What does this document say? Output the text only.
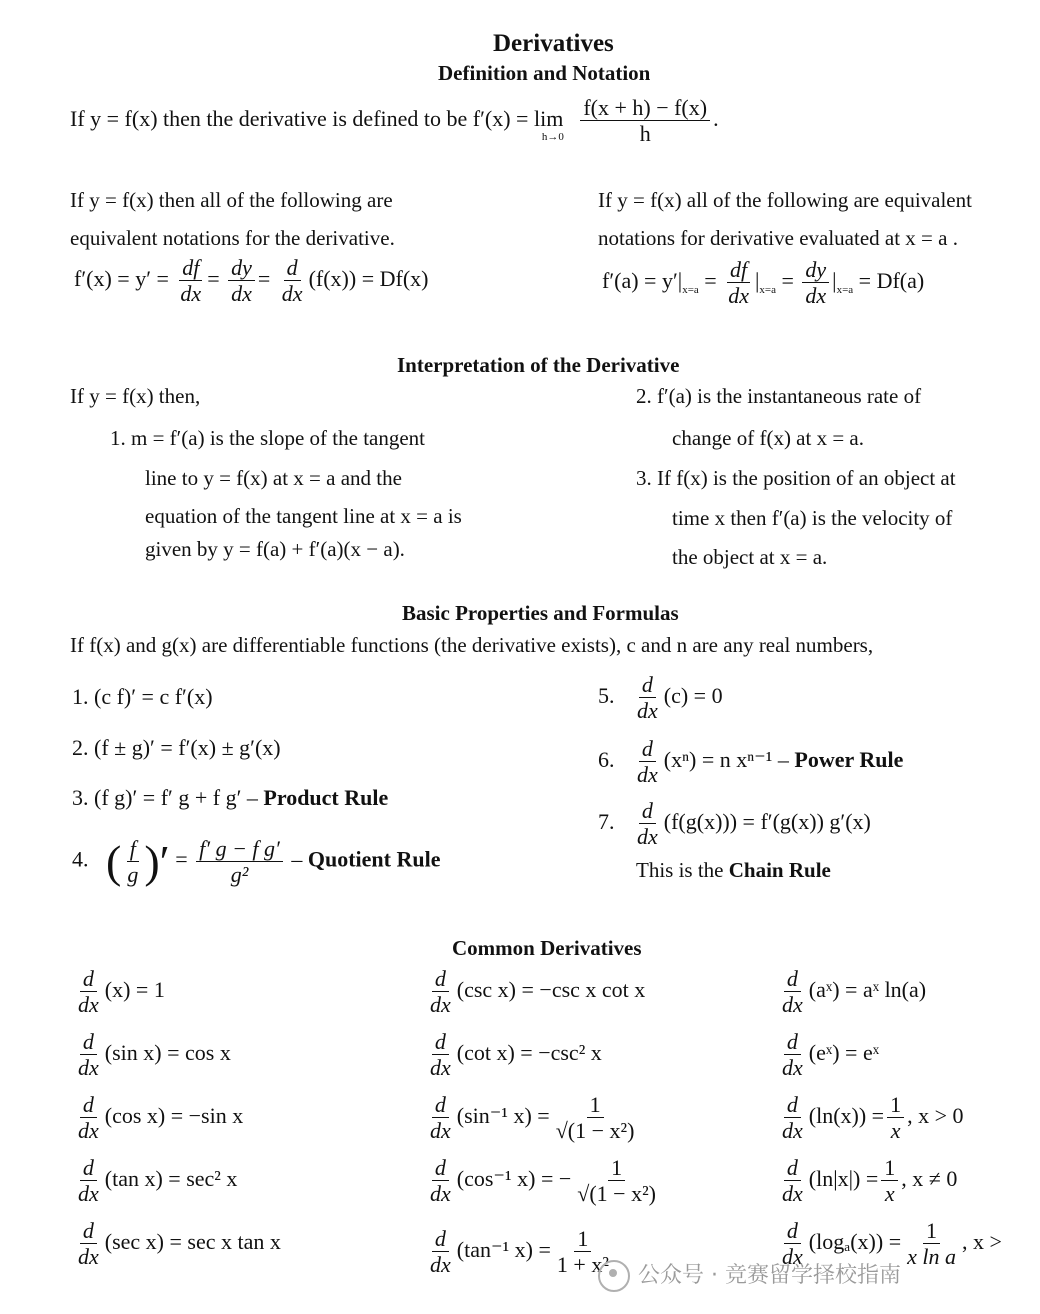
Derivatives
Definition and Notation
If y = f(x) then the derivative is defined to be f′(x) = lim
h→0
$\frac{f(x + h) - f(x)}{h}$ .
If y = f(x) then all of the following are
equivalent notations for the derivative.
$f'(x) = y' = \frac{df}{dx} = \frac{dy}{dx} = \frac{d}{dx} (f(x)) = Df(x)$
If y = f(x) all of the following are equivalent
notations for derivative evaluated at x = a .
$f'(a) = y'|_{x=a} = \frac{df}{dx} |_{x=a} = \frac{dy}{dx} |_{x=a} = Df(a)$
Interpretation of the Derivative
If y = f(x) then,
1. m = f′(a) is the slope of the tangent
line to y = f(x) at x = a and the
equation of the tangent line at x = a is
given by y = f(a) + f′(a)(x − a).
2. f′(a) is the instantaneous rate of
change of f(x) at x = a.
3. If f(x) is the position of an object at
time x then f′(a) is the velocity of
the object at x = a.
Basic Properties and Formulas
If f(x) and g(x) are differentiable functions (the derivative exists), c and n are any real numbers,
1. (c f)′ = c f′(x)
2. (f ± g)′ = f′(x) ± g′(x)
3. (f g)′ = f′ g + f g′ – Product Rule
4. ( $\frac{f}{g}$ )′ = $\frac{\text{f′ g − f g′}}{\text{g²}}$ – Quotient Rule
5. $\frac{d}{dx} (c) = 0$
6. $\frac{d}{dx} (x^n) = n$ xⁿ⁻¹ – Power Rule
7. $\frac{d}{dx} (f(g(x))) = f'(g(x))$ g′(x)
This is the Chain Rule
Common Derivatives
$\frac{d}{dx} (x) = 1$
$\frac{d}{dx} (\sin$ x) = cos x
$\frac{d}{dx} (\cos$ x) = −sin x
$\frac{d}{dx} (\tan$ x) = sec² x
$\frac{d}{dx} (\sec$ x) = sec x tan x
$\frac{d}{dx} (\csc$ x) = −csc x cot x
$\frac{d}{dx} (\cot$ x) = −csc² x
$\frac{d}{dx} (\sin^{-1}$ $x) = \frac{1}{\text{√(1 − x²)}}$
$\frac{d}{dx} (\cos^{-1}$ x) = − $\frac{1}{\text{√(1 − x²)}}$
$\frac{d}{dx} (\tan^{-1}$ $x) = \frac{1}{\text{1 + x²}}$
$\frac{d}{dx}$ (aˣ) = aˣ ln(a)
$\frac{d}{dx}$ (eˣ) = eˣ
$\frac{d}{dx} (\ln(x)) = \frac{1}{x}$ , x > 0
$\frac{d}{dx} (\ln|x|) = \frac{1}{x}$ , x ≠ 0
$\frac{d}{dx} (\log_a(x)) = \frac{1}{\text{x ln a}}$ , x >
公众号 · 竞赛留学择校指南
